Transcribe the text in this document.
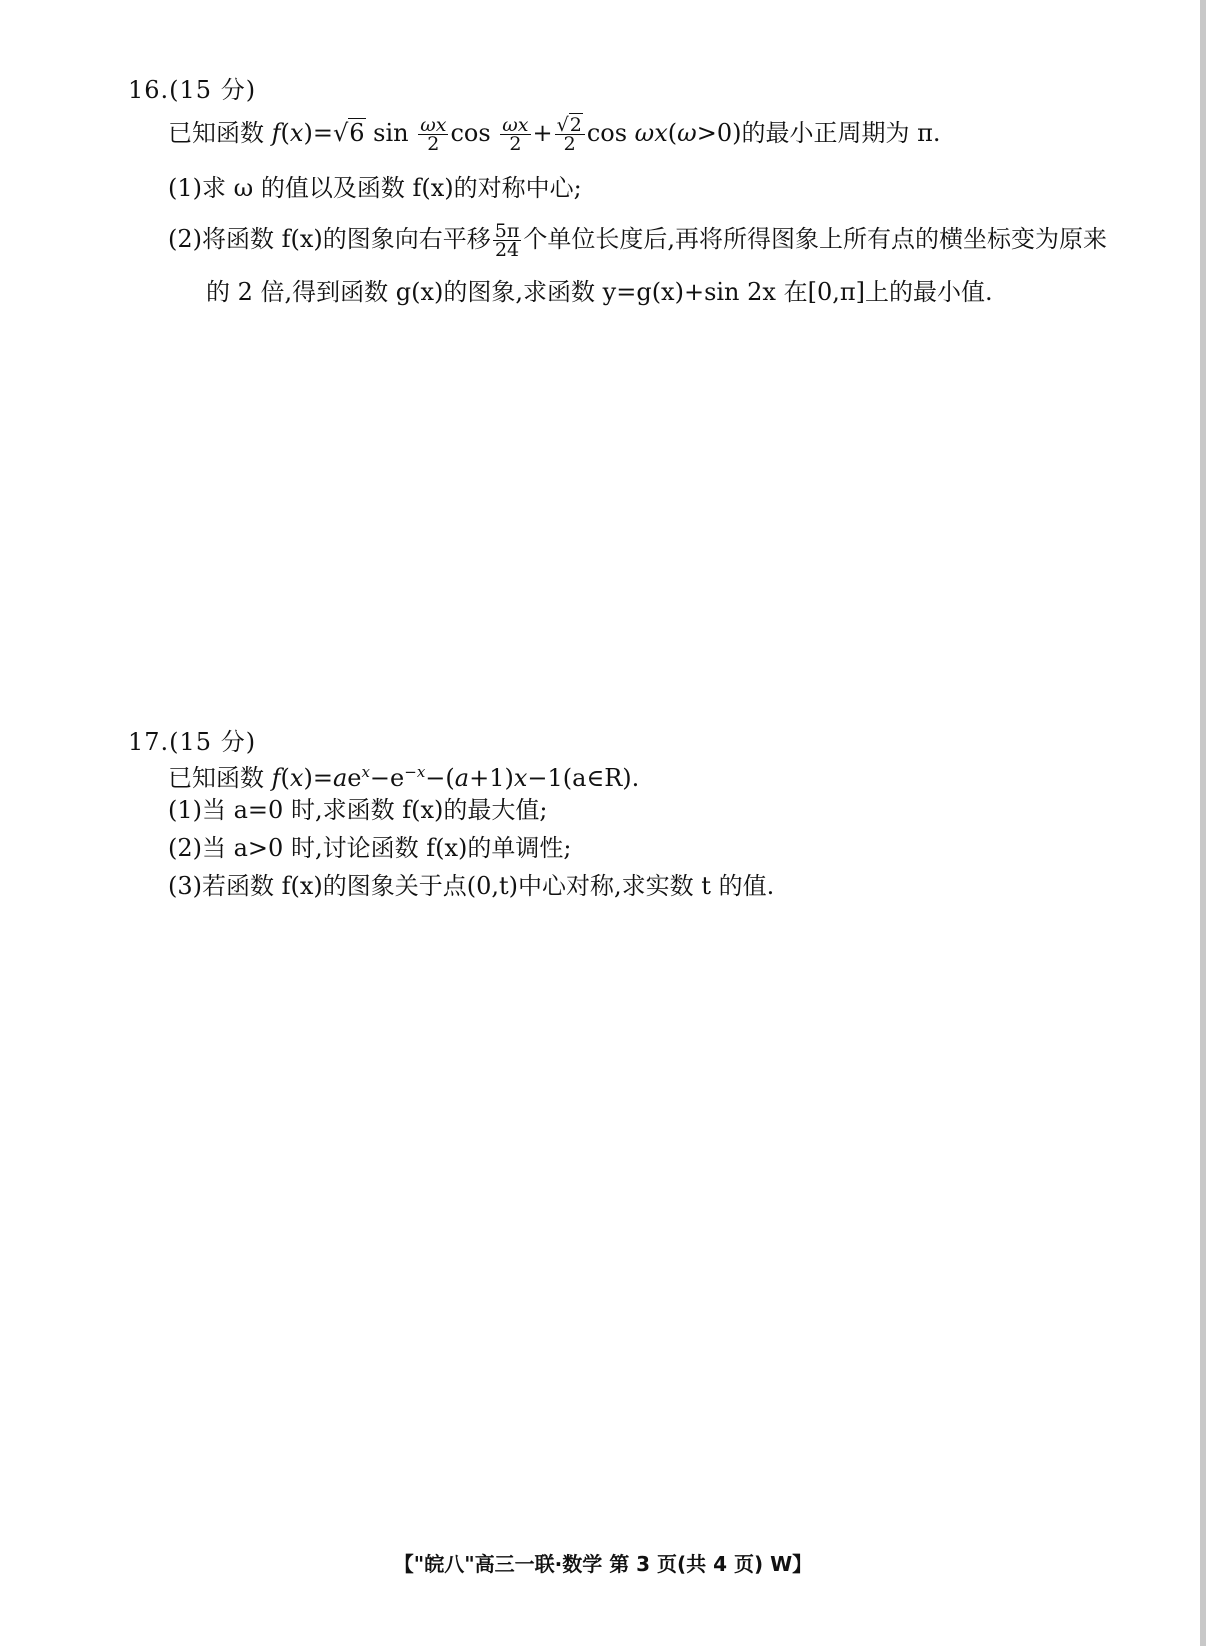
16.(15 分)
已知函数 f(x)=√6 $\sin \frac{\omega x}{2}$ $\cos \frac{\omega x}{2} + \frac{√2}{2}$ cos ωx(ω>0)的最小正周期为 π.
(1)求 ω 的值以及函数 f(x)的对称中心;
(2)将函数 f(x)的图象向右平移 $\frac{5\pi}{24}$ 个单位长度后,再将所得图象上所有点的横坐标变为原来
的 2 倍,得到函数 g(x)的图象,求函数 y=g(x)+sin 2x 在[0,π]上的最小值.
17.(15 分)
已知函数 $f(x)=ae^x-e^{-x}-(a+1)x-1(a\in R)$.
(1)当 a=0 时,求函数 f(x)的最大值;
(2)当 a>0 时,讨论函数 f(x)的单调性;
(3)若函数 f(x)的图象关于点(0,t)中心对称,求实数 t 的值.
【"皖八"高三一联·数学 第 3 页(共 4 页) W】
